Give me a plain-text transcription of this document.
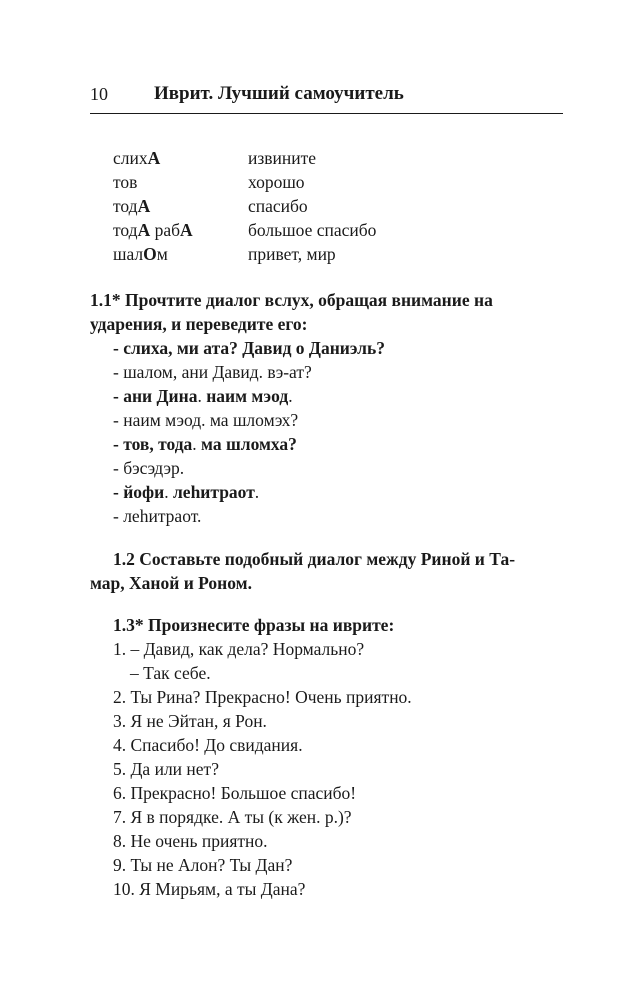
10 Иврит. Лучший самоучитель
слихА	извините
тов	хорошо
тодА	спасибо
тодА рабА	большое спасибо
шалОм	привет, мир
1.1* Прочтите диалог вслух, обращая внимание на
ударения, и переведите его:
- слиха, ми ата? Давид о Даниэль?
- шалом, ани Давид. вэ-ат?
- ани Дина. наим мэод.
- наим мэод. ма шломэх?
- тов, тода. ма шломха?
- бэсэдэр.
- йофи. леһитраот.
- леһитраот.
1.2 Составьте подобный диалог между Риной и Та-
мар, Ханой и Роном.
1.3* Произнесите фразы на иврите:
1. – Давид, как дела? Нормально?
– Так себе.
2. Ты Рина? Прекрасно! Очень приятно.
3. Я не Эйтан, я Рон.
4. Спасибо! До свидания.
5. Да или нет?
6. Прекрасно! Большое спасибо!
7. Я в порядке. А ты (к жен. р.)?
8. Не очень приятно.
9. Ты не Алон? Ты Дан?
10. Я Мирьям, а ты Дана?
